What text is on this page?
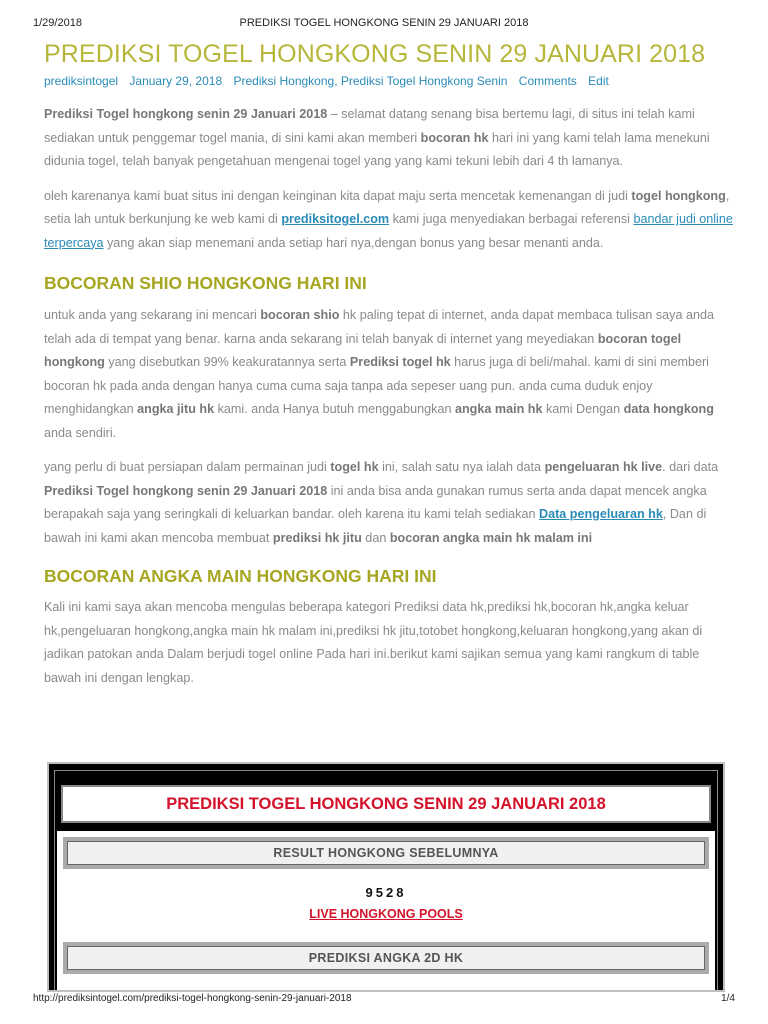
1/29/2018	PREDIKSI TOGEL HONGKONG SENIN 29 JANUARI 2018
PREDIKSI TOGEL HONGKONG SENIN 29 JANUARI 2018
prediksintogel January 29, 2018 Prediksi Hongkong, Prediksi Togel Hongkong Senin Comments Edit

Prediksi Togel hongkong senin 29 Januari 2018 – selamat datang senang bisa bertemu lagi, di situs ini telah kami sediakan untuk penggemar togel mania, di sini kami akan memberi bocoran hk hari ini yang kami telah lama menekuni didunia togel, telah banyak pengetahuan mengenai togel yang yang kami tekuni lebih dari 4 th lamanya.

oleh karenanya kami buat situs ini dengan keinginan kita dapat maju serta mencetak kemenangan di judi togel hongkong, setia lah untuk berkunjung ke web kami di prediksitogel.com kami juga menyediakan berbagai referensi bandar judi online terpercaya yang akan siap menemani anda setiap hari nya,dengan bonus yang besar menanti anda.

BOCORAN SHIO HONGKONG HARI INI

untuk anda yang sekarang ini mencari bocoran shio hk paling tepat di internet, anda dapat membaca tulisan saya anda telah ada di tempat yang benar. karna anda sekarang ini telah banyak di internet yang meyediakan bocoran togel hongkong yang disebutkan 99% keakuratannya serta Prediksi togel hk harus juga di beli/mahal. kami di sini memberi bocoran hk pada anda dengan hanya cuma cuma saja tanpa ada sepeser uang pun. anda cuma duduk enjoy menghidangkan angka jitu hk kami. anda Hanya butuh menggabungkan angka main hk kami Dengan data hongkong anda sendiri.

yang perlu di buat persiapan dalam permainan judi togel hk ini, salah satu nya ialah data pengeluaran hk live. dari data Prediksi Togel hongkong senin 29 Januari 2018 ini anda bisa anda gunakan rumus serta anda dapat mencek angka berapakah saja yang seringkali di keluarkan bandar. oleh karena itu kami telah sediakan Data pengeluaran hk, Dan di bawah ini kami akan mencoba membuat prediksi hk jitu dan bocoran angka main hk malam ini

BOCORAN ANGKA MAIN HONGKONG HARI INI

Kali ini kami saya akan mencoba mengulas beberapa kategori Prediksi data hk,prediksi hk,bocoran hk,angka keluar hk,pengeluaran hongkong,angka main hk malam ini,prediksi hk jitu,totobet hongkong,keluaran hongkong,yang akan di jadikan patokan anda Dalam berjudi togel online Pada hari ini.berikut kami sajikan semua yang kami rangkum di table bawah ini dengan lengkap.

PREDIKSI TOGEL HONGKONG SENIN 29 JANUARI 2018
RESULT HONGKONG SEBELUMNYA
9528
LIVE HONGKONG POOLS
PREDIKSI ANGKA 2D HK
http://prediksintogel.com/prediksi-togel-hongkong-senin-29-januari-2018	1/4
